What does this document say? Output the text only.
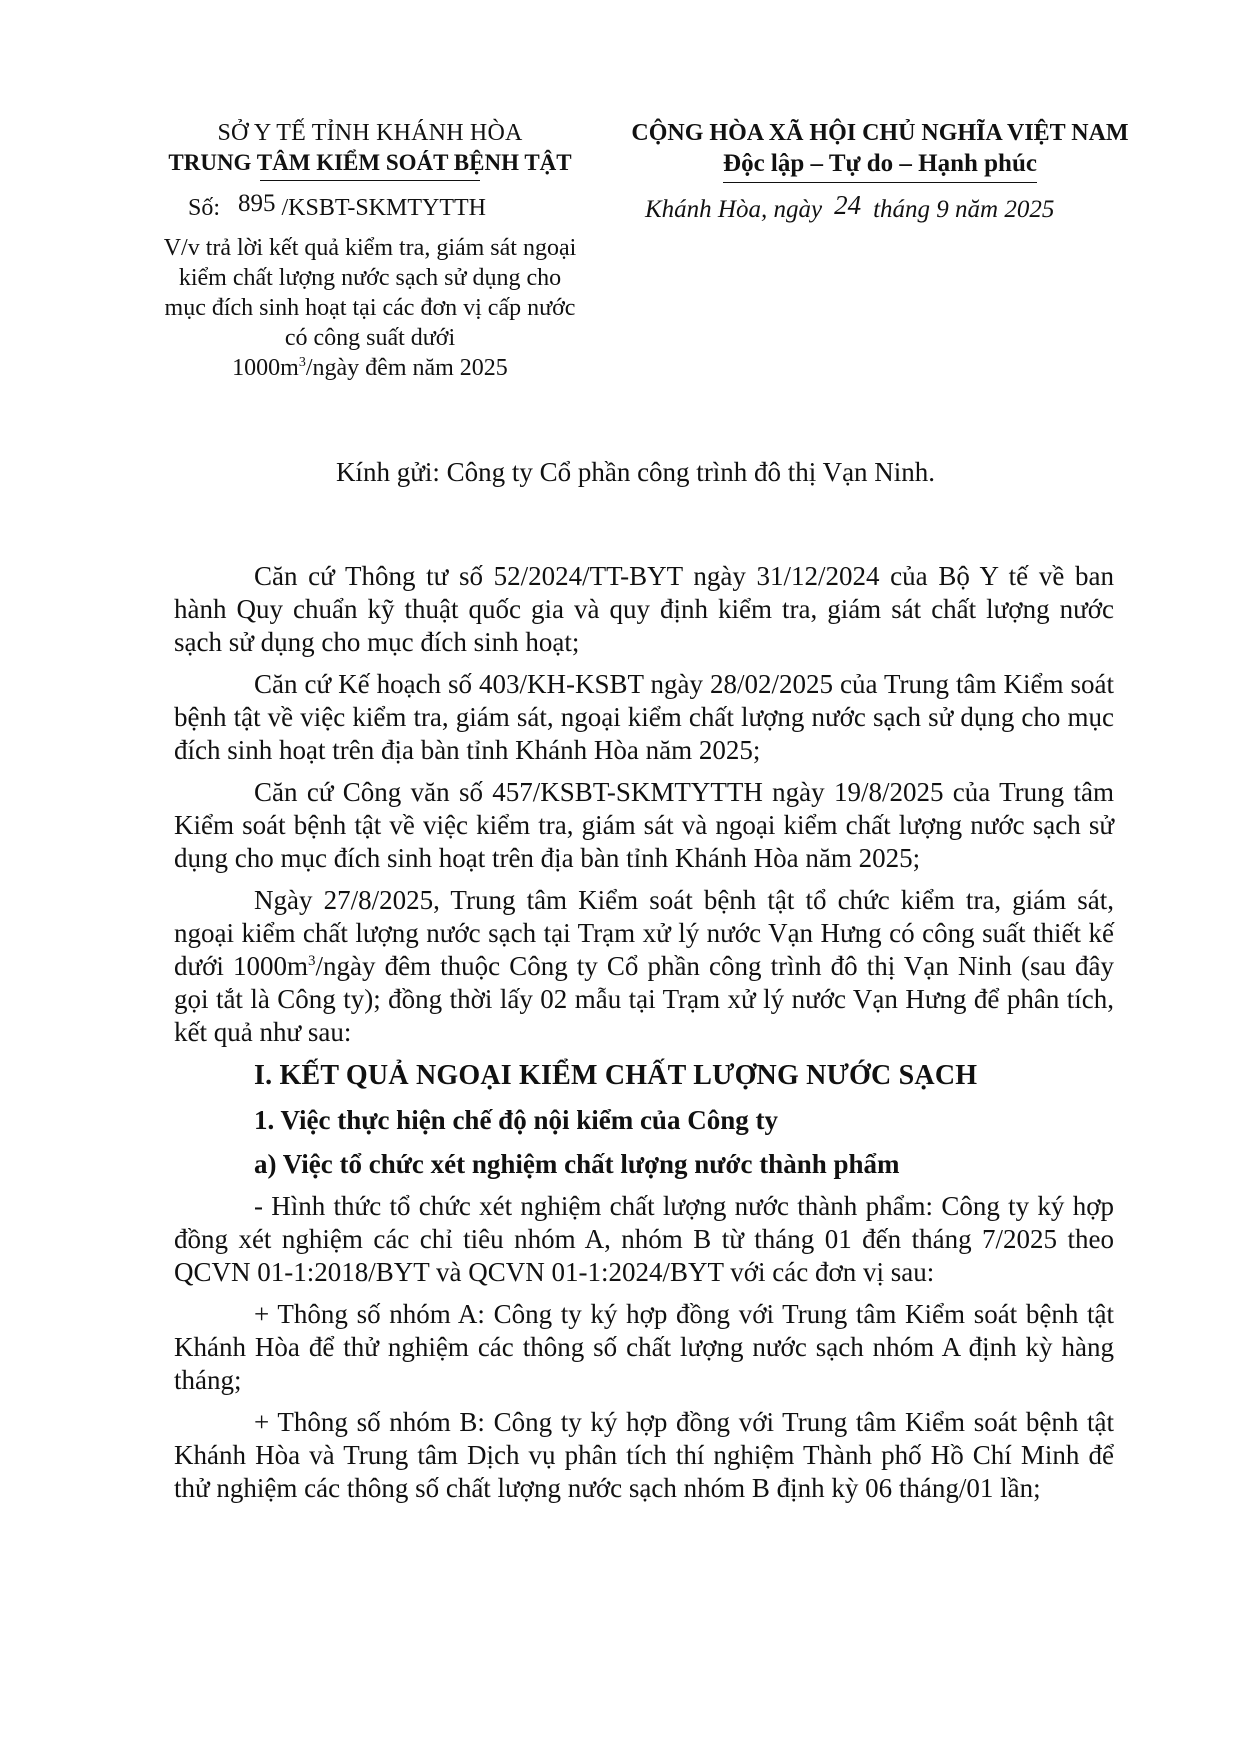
SỞ Y TẾ TỈNH KHÁNH HÒA
TRUNG TÂM KIỂM SOÁT BỆNH TẬT
CỘNG HÒA XÃ HỘI CHỦ NGHĨA VIỆT NAM
Độc lập – Tự do – Hạnh phúc
Số: 895 /KSBT-SKMTYTTH	Khánh Hòa, ngày 24 tháng 9 năm 2025
V/v trả lời kết quả kiểm tra, giám sát ngoại kiểm chất lượng nước sạch sử dụng cho mục đích sinh hoạt tại các đơn vị cấp nước có công suất dưới
$1000m^3$/ngày đêm năm 2025
Kính gửi: Công ty Cổ phần công trình đô thị Vạn Ninh.

Căn cứ Thông tư số 52/2024/TT-BYT ngày 31/12/2024 của Bộ Y tế về ban hành Quy chuẩn kỹ thuật quốc gia và quy định kiểm tra, giám sát chất lượng nước sạch sử dụng cho mục đích sinh hoạt;

Căn cứ Kế hoạch số 403/KH-KSBT ngày 28/02/2025 của Trung tâm Kiểm soát bệnh tật về việc kiểm tra, giám sát, ngoại kiểm chất lượng nước sạch sử dụng cho mục đích sinh hoạt trên địa bàn tỉnh Khánh Hòa năm 2025;

Căn cứ Công văn số 457/KSBT-SKMTYTTH ngày 19/8/2025 của Trung tâm Kiểm soát bệnh tật về việc kiểm tra, giám sát và ngoại kiểm chất lượng nước sạch sử dụng cho mục đích sinh hoạt trên địa bàn tỉnh Khánh Hòa năm 2025;

Ngày 27/8/2025, Trung tâm Kiểm soát bệnh tật tổ chức kiểm tra, giám sát, ngoại kiểm chất lượng nước sạch tại Trạm xử lý nước Vạn Hưng có công suất thiết kế dưới $1000m^3$/ngày đêm thuộc Công ty Cổ phần công trình đô thị Vạn Ninh (sau đây gọi tắt là Công ty); đồng thời lấy 02 mẫu tại Trạm xử lý nước Vạn Hưng để phân tích, kết quả như sau:

I. KẾT QUẢ NGOẠI KIỂM CHẤT LƯỢNG NƯỚC SẠCH
1. Việc thực hiện chế độ nội kiểm của Công ty
a) Việc tổ chức xét nghiệm chất lượng nước thành phẩm

- Hình thức tổ chức xét nghiệm chất lượng nước thành phẩm: Công ty ký hợp đồng xét nghiệm các chỉ tiêu nhóm A, nhóm B từ tháng 01 đến tháng 7/2025 theo QCVN 01-1:2018/BYT và QCVN 01-1:2024/BYT với các đơn vị sau:

+ Thông số nhóm A: Công ty ký hợp đồng với Trung tâm Kiểm soát bệnh tật Khánh Hòa để thử nghiệm các thông số chất lượng nước sạch nhóm A định kỳ hàng tháng;

+ Thông số nhóm B: Công ty ký hợp đồng với Trung tâm Kiểm soát bệnh tật Khánh Hòa và Trung tâm Dịch vụ phân tích thí nghiệm Thành phố Hồ Chí Minh để thử nghiệm các thông số chất lượng nước sạch nhóm B định kỳ 06 tháng/01 lần;
